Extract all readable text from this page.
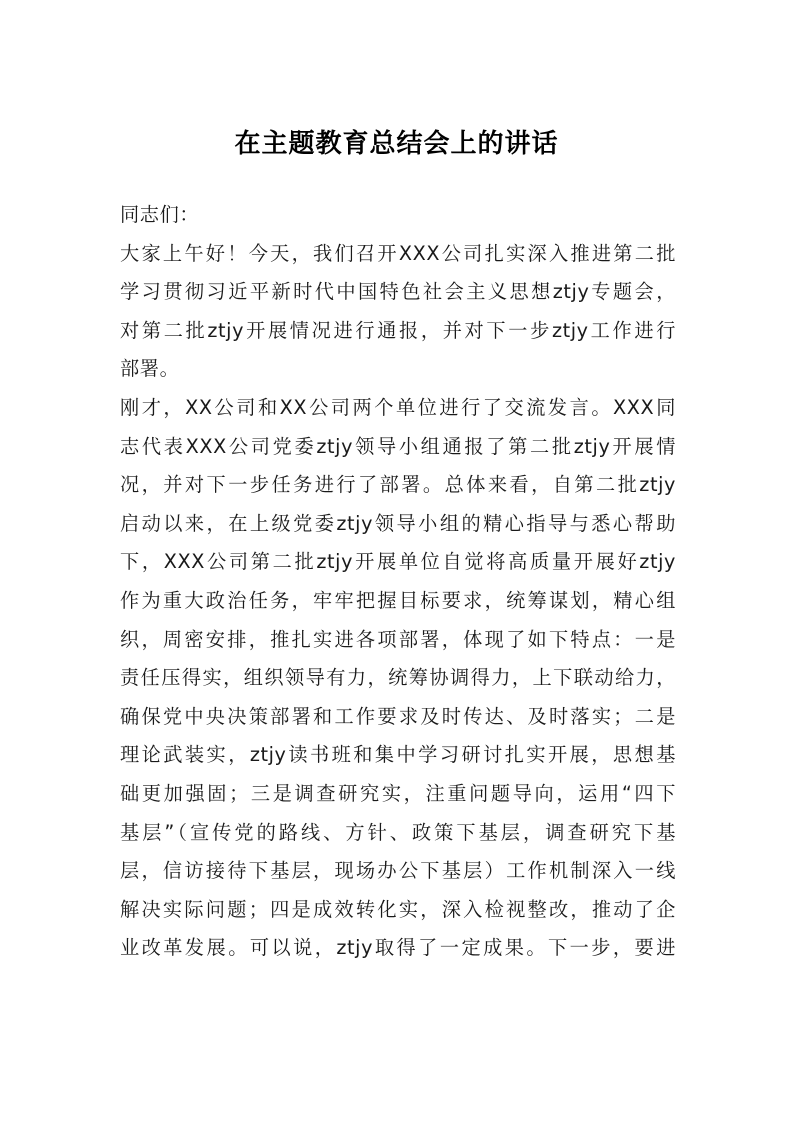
在主题教育总结会上的讲话
同志们：
大家上午好！今天，我们召开XXX公司扎实深入推进第二批
学习贯彻习近平新时代中国特色社会主义思想ztjy专题会，
对第二批ztjy开展情况进行通报，并对下一步ztjy工作进行
部署。
刚才，XX公司和XX公司两个单位进行了交流发言。XXX同
志代表XXX公司党委ztjy领导小组通报了第二批ztjy开展情
况，并对下一步任务进行了部署。总体来看，自第二批ztjy
启动以来，在上级党委ztjy领导小组的精心指导与悉心帮助
下，XXX公司第二批ztjy开展单位自觉将高质量开展好ztjy
作为重大政治任务，牢牢把握目标要求，统筹谋划，精心组
织，周密安排，推扎实进各项部署，体现了如下特点：一是
责任压得实，组织领导有力，统筹协调得力，上下联动给力，
确保党中央决策部署和工作要求及时传达、及时落实；二是
理论武装实，ztjy读书班和集中学习研讨扎实开展，思想基
础更加强固；三是调查研究实，注重问题导向，运用“四下
基层”（宣传党的路线、方针、政策下基层，调查研究下基
层，信访接待下基层，现场办公下基层）工作机制深入一线
解决实际问题；四是成效转化实，深入检视整改，推动了企
业改革发展。可以说，ztjy取得了一定成果。下一步，要进
